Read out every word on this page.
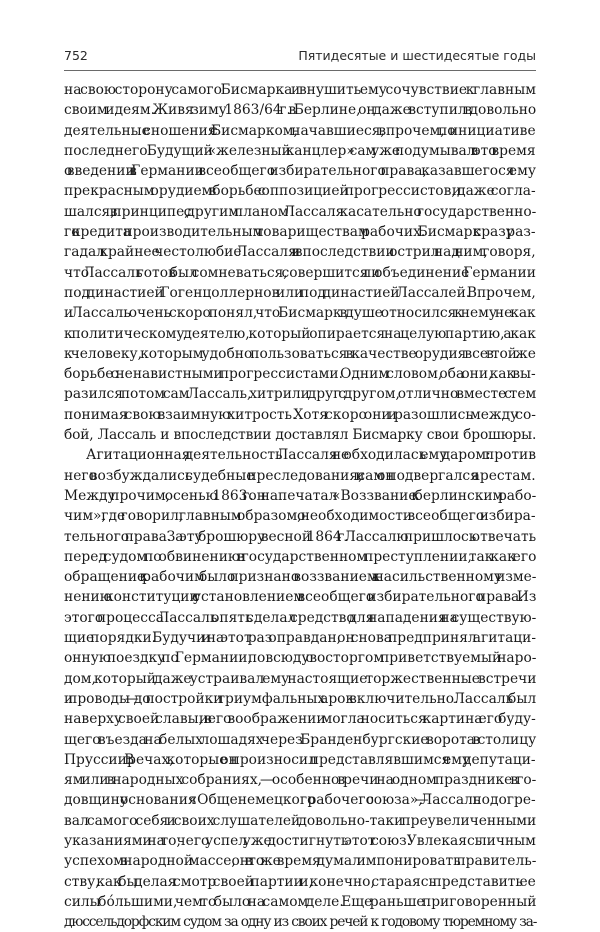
752	Пятидесятые и шестидесятые годы
на свою сторону самого Бисмарка и внушить ему сочувствие к главным
своим идеям. Живя зиму 1863/64 г. в Берлине, он даже вступил в довольно
деятельные сношения с Бисмарком, начавшиеся, впрочем, по инициативе
последнего. Будущий «железный канцлер» сам уже подумывал в это время
о введении в Германии всеобщего избирательного права, казавшегося ему
прекрасным орудием в борьбе с оппозицией прогрессистов, и даже согла-
шался, в принципе, с другим планом Лассаля касательно государственно-
го кредита производительным товариществам рабочих. Бисмарк сразу раз-
гадал крайнее честолюбие Лассаля и впоследствии острил над ним, говоря,
что Лассаль готов был сомневаться, совершится ли объединение Германии
под династией Гогенцоллернов или под династией Лассалей. Впрочем,
и Лассаль очень скоро понял, что Бисмарк в душе относился к нему не как
к политическому деятелю, который опирается на целую партию, а как
к человеку, которым удобно пользоваться в качестве орудия все в той же
борьбе с ненавистными прогрессистами. Одним словом, оба они, как вы-
разился потом сам Лассаль, хитрили друг с другом, отлично вместе с тем
понимая свою взаимную хитрость. Хотя скоро они и разошлись между со-
бой, Лассаль и впоследствии доставлял Бисмарку свои брошюры.
Агитационная деятельность Лассаля не обходилась ему даром: против
него возбуждались судебные преследования, и сам он подвергался арестам.
Между прочим, осенью 1863 г. он напечатал «Воззвание к берлинским рабо-
чим», где говорил, главным образом, о необходимости всеобщего избира-
тельного права. За эту брошюру весной 1864 г. Лассалю пришлось отвечать
перед судом по обвинению в государственном преступлении, так как его
обращение к рабочим было признано воззванием к насильственному изме-
нению конституции с установлением всеобщего избирательного права. Из
этого процесса Лассаль опять сделал средство для нападения на существую-
щие порядки. Будучи и на этот раз оправдан, он снова предпринял агитаци-
онную поездку по Германии, повсюду с восторгом приветствуемый наро-
дом, который даже устраивал ему настоящие торжественные встречи
и проводы — до постройки триумфальных арок включительно. Лассаль был
наверху своей славы, и в его воображении могла носиться картина его буду-
щего въезда на белых лошадях через Бранденбургские ворота в столицу
Пруссии. В речах, которые он произносил представлявшимся ему депутаци-
ям или в народных собраниях, — особенно в речи на одном празднике в го-
довщину основания «Общенемецкого рабочего союза», — Лассаль подогре-
вал самого себя и своих слушателей довольно-таки преувеличенными
указаниями на то, чего успел уже достигнуть этот союз. Увлекаясь личным
успехом в народной массе, он в то же время думал импонировать правитель-
ству, как бы делая смотр своей партии и, конечно, стараясь представить ее
силы бóльшими, чем то было на самом деле. Еще раньше приговоренный
дюссельдорфским судом за одну из своих речей к годовому тюремному за-
